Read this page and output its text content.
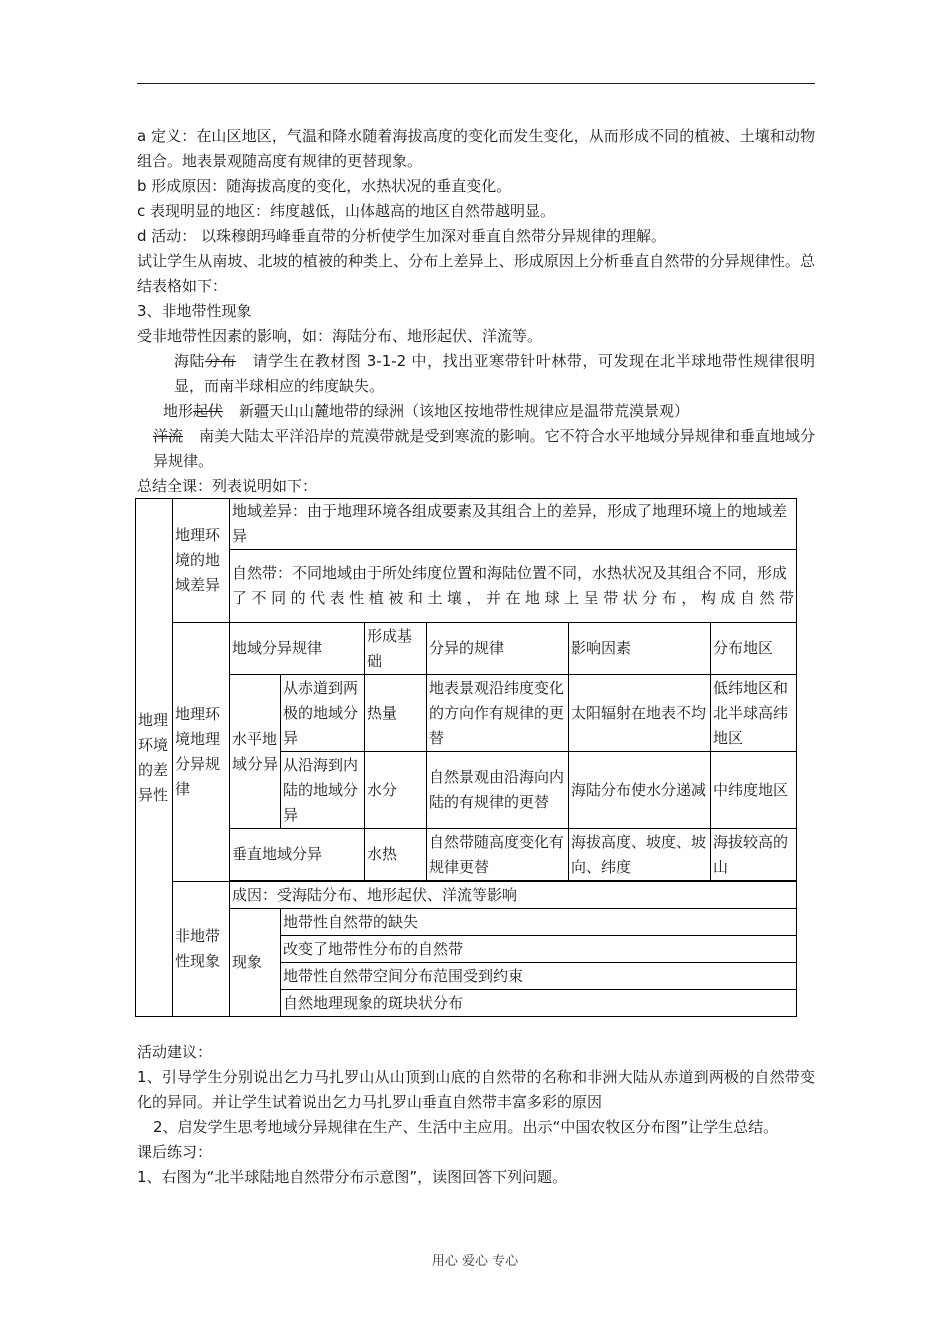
a 定义：在山区地区，气温和降水随着海拔高度的变化而发生变化，从而形成不同的植被、土壤和动物组合。地表景观随高度有规律的更替现象。

b 形成原因：随海拔高度的变化，水热状况的垂直变化。

c 表现明显的地区：纬度越低，山体越高的地区自然带越明显。

d 活动： 以珠穆朗玛峰垂直带的分析使学生加深对垂直自然带分异规律的理解。

试让学生从南坡、北坡的植被的种类上、分布上差异上、形成原因上分析垂直自然带的分异规律性。总结表格如下：

3、非地带性现象

受非地带性因素的影响，如：海陆分布、地形起伏、洋流等。

海陆分布 请学生在教材图 3-1-2 中，找出亚寒带针叶林带，可发现在北半球地带性规律很明显，而南半球相应的纬度缺失。

地形起伏 新疆天山山麓地带的绿洲（该地区按地带性规律应是温带荒漠景观）

洋流 南美大陆太平洋沿岸的荒漠带就是受到寒流的影响。它不符合水平地域分异规律和垂直地域分异规律。

总结全课：列表说明如下：

地理环境的差异性	地理环境的地域差异	地域差异：由于地理环境各组成要素及其组合上的差异，形成了地理环境上的地域差异					
		自然带：不同地域由于所处纬度位置和海陆位置不同，水热状况及其组合不同，形成了不同的代表性植被和土壤，并在地球上呈带状分布，构成自然带					
	地理环境地理分异规律	地域分异规律		形成基础	分异的规律	影响因素	分布地区
		水平地域分异	从赤道到两极的地域分异	热量	地表景观沿纬度变化的方向作有规律的更替	太阳辐射在地表不均	低纬地区和北半球高纬地区
			从沿海到内陆的地域分异	水分	自然景观由沿海向内陆的有规律的更替	海陆分布使水分递减	中纬度地区
		垂直地域分异		水热	自然带随高度变化有规律更替	海拔高度、坡度、坡向、纬度	海拔较高的山

	非地带性现象	成因：受海陆分布、地形起伏、洋流等影响					
		现象	地带性自然带的缺失				
			改变了地带性分布的自然带				
			地带性自然带空间分布范围受到约束				
			自然地理现象的斑块状分布				

活动建议：

1、引导学生分别说出乞力马扎罗山从山顶到山底的自然带的名称和非洲大陆从赤道到两极的自然带变化的异同。并让学生试着说出乞力马扎罗山垂直自然带丰富多彩的原因

2、启发学生思考地域分异规律在生产、生活中主应用。出示“中国农牧区分布图”让学生总结。

课后练习：

1、右图为“北半球陆地自然带分布示意图”，读图回答下列问题。

用心 爱心 专心
